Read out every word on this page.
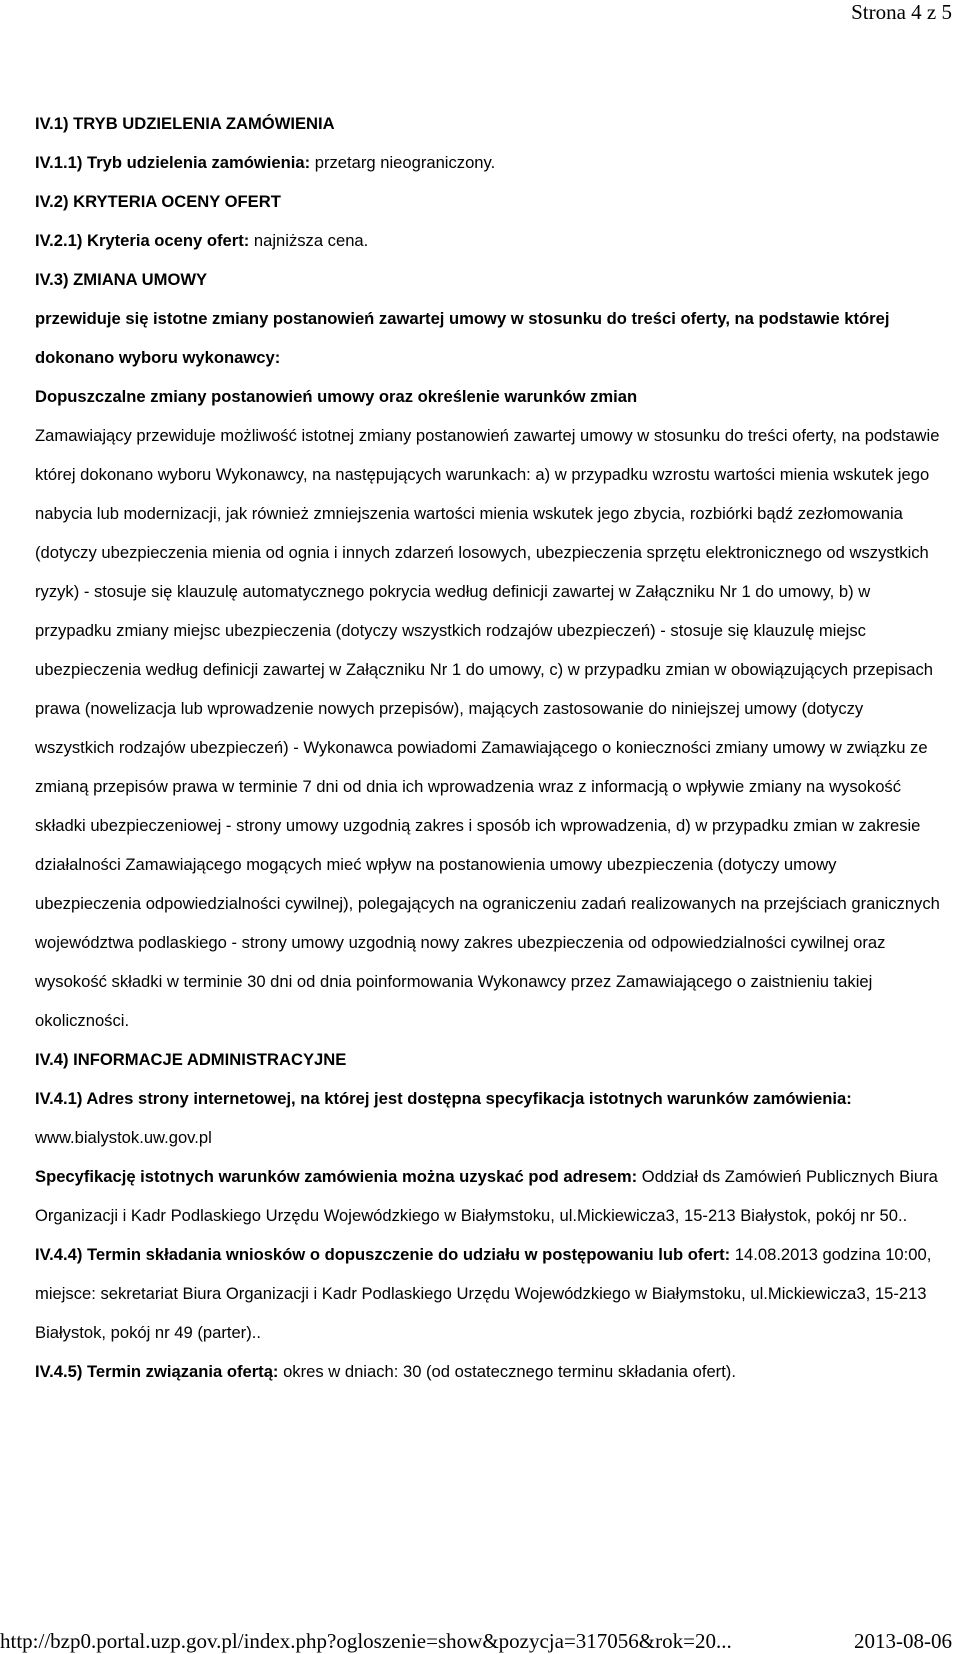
Strona 4 z 5

IV.1) TRYB UDZIELENIA ZAMÓWIENIA

IV.1.1) Tryb udzielenia zamówienia: przetarg nieograniczony.

IV.2) KRYTERIA OCENY OFERT

IV.2.1) Kryteria oceny ofert: najniższa cena.

IV.3) ZMIANA UMOWY

przewiduje się istotne zmiany postanowień zawartej umowy w stosunku do treści oferty, na podstawie której dokonano wyboru wykonawcy:

Dopuszczalne zmiany postanowień umowy oraz określenie warunków zmian

Zamawiający przewiduje możliwość istotnej zmiany postanowień zawartej umowy w stosunku do treści oferty, na podstawie której dokonano wyboru Wykonawcy, na następujących warunkach: a) w przypadku wzrostu wartości mienia wskutek jego nabycia lub modernizacji, jak również zmniejszenia wartości mienia wskutek jego zbycia, rozbiórki bądź zezłomowania (dotyczy ubezpieczenia mienia od ognia i innych zdarzeń losowych, ubezpieczenia sprzętu elektronicznego od wszystkich ryzyk) - stosuje się klauzulę automatycznego pokrycia według definicji zawartej w Załączniku Nr 1 do umowy, b) w przypadku zmiany miejsc ubezpieczenia (dotyczy wszystkich rodzajów ubezpieczeń) - stosuje się klauzulę miejsc ubezpieczenia według definicji zawartej w Załączniku Nr 1 do umowy, c) w przypadku zmian w obowiązujących przepisach prawa (nowelizacja lub wprowadzenie nowych przepisów), mających zastosowanie do niniejszej umowy (dotyczy wszystkich rodzajów ubezpieczeń) - Wykonawca powiadomi Zamawiającego o konieczności zmiany umowy w związku ze zmianą przepisów prawa w terminie 7 dni od dnia ich wprowadzenia wraz z informacją o wpływie zmiany na wysokość składki ubezpieczeniowej - strony umowy uzgodnią zakres i sposób ich wprowadzenia, d) w przypadku zmian w zakresie działalności Zamawiającego mogących mieć wpływ na postanowienia umowy ubezpieczenia (dotyczy umowy ubezpieczenia odpowiedzialności cywilnej), polegających na ograniczeniu zadań realizowanych na przejściach granicznych województwa podlaskiego - strony umowy uzgodnią nowy zakres ubezpieczenia od odpowiedzialności cywilnej oraz wysokość składki w terminie 30 dni od dnia poinformowania Wykonawcy przez Zamawiającego o zaistnieniu takiej okoliczności.

IV.4) INFORMACJE ADMINISTRACYJNE

IV.4.1) Adres strony internetowej, na której jest dostępna specyfikacja istotnych warunków zamówienia: www.bialystok.uw.gov.pl

Specyfikację istotnych warunków zamówienia można uzyskać pod adresem: Oddział ds Zamówień Publicznych Biura Organizacji i Kadr Podlaskiego Urzędu Wojewódzkiego w Białymstoku, ul.Mickiewicza3, 15-213 Białystok, pokój nr 50..

IV.4.4) Termin składania wniosków o dopuszczenie do udziału w postępowaniu lub ofert: 14.08.2013 godzina 10:00, miejsce: sekretariat Biura Organizacji i Kadr Podlaskiego Urzędu Wojewódzkiego w Białymstoku, ul.Mickiewicza3, 15-213 Białystok, pokój nr 49 (parter)..

IV.4.5) Termin związania ofertą: okres w dniach: 30 (od ostatecznego terminu składania ofert).

http://bzp0.portal.uzp.gov.pl/index.php?ogloszenie=show&pozycja=317056&rok=20...	2013-08-06
